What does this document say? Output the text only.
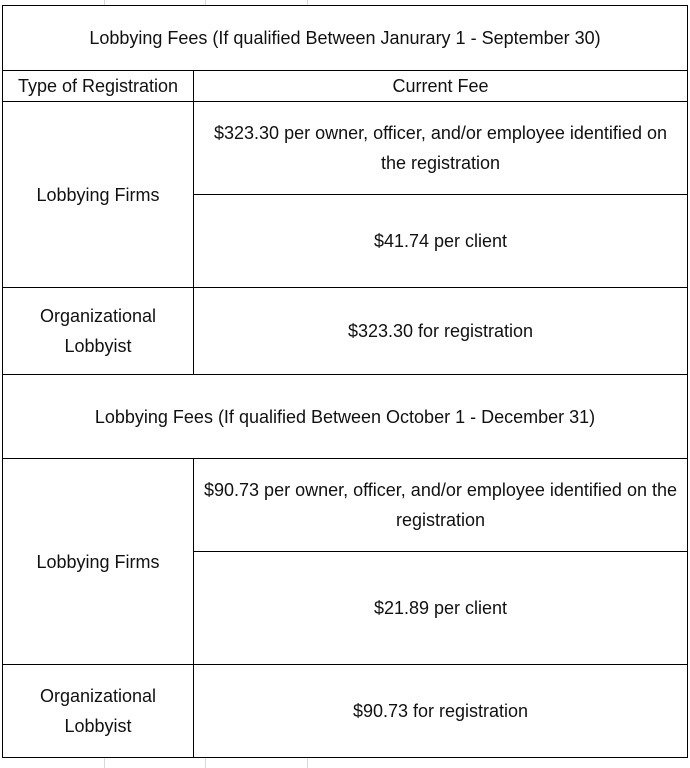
Lobbying Fees (If qualified Between Janurary 1 - September 30)	
Type of Registration	Current Fee
Lobbying Firms	$323.30 per owner, officer, and/or employee identified on the registration
	$41.74 per client
Organizational Lobbyist	$323.30 for registration
Lobbying Fees (If qualified Between October 1 - December 31)	
Lobbying Firms	$90.73 per owner, officer, and/or employee identified on the registration
	$21.89 per client
Organizational Lobbyist	$90.73 for registration
